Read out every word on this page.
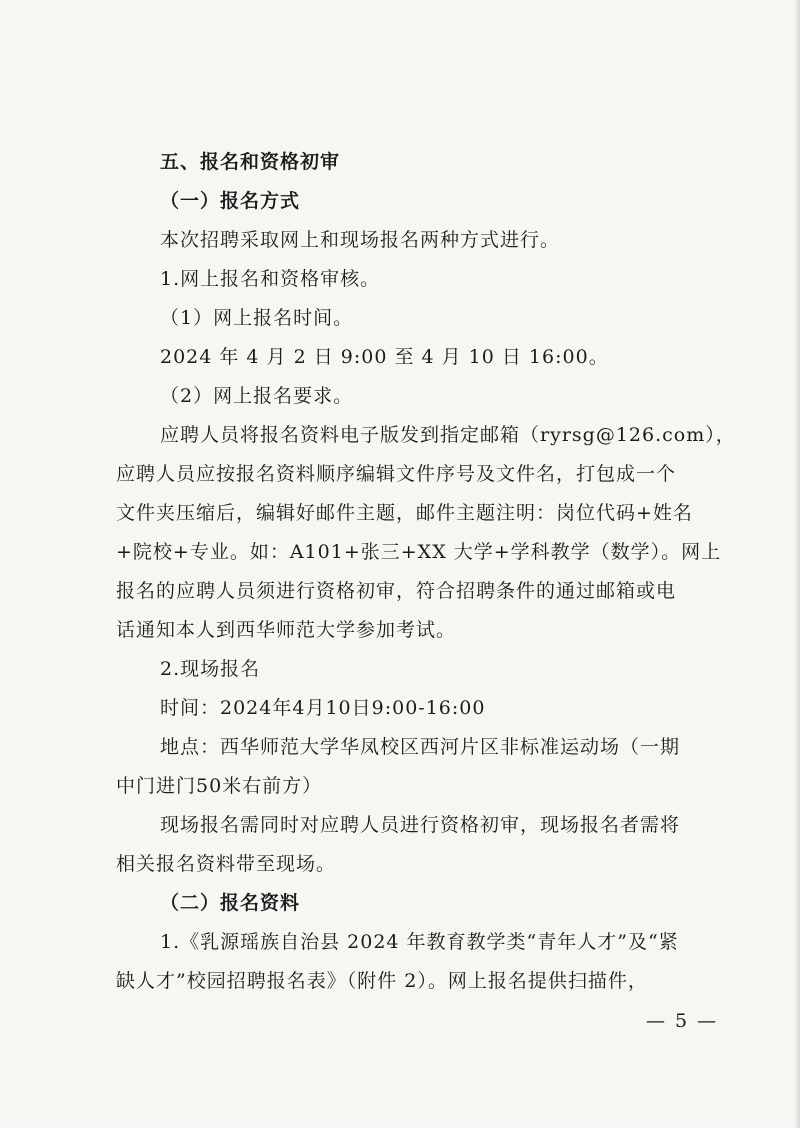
五、报名和资格初审
（一）报名方式
本次招聘采取网上和现场报名两种方式进行。
1.网上报名和资格审核。
（1）网上报名时间。
2024 年 4 月 2 日 9:00 至 4 月 10 日 16:00。
（2）网上报名要求。
应聘人员将报名资料电子版发到指定邮箱（ryrsg@126.com），
应聘人员应按报名资料顺序编辑文件序号及文件名，打包成一个
文件夹压缩后，编辑好邮件主题，邮件主题注明：岗位代码+姓名
+院校+专业。如：A101+张三+XX 大学+学科教学（数学）。网上
报名的应聘人员须进行资格初审，符合招聘条件的通过邮箱或电
话通知本人到西华师范大学参加考试。
2.现场报名
时间：2024年4月10日9:00-16:00
地点：西华师范大学华凤校区西河片区非标准运动场（一期
中门进门50米右前方）
现场报名需同时对应聘人员进行资格初审，现场报名者需将
相关报名资料带至现场。
（二）报名资料
1.《乳源瑶族自治县 2024 年教育教学类“青年人才”及“紧
缺人才”校园招聘报名表》（附件 2）。网上报名提供扫描件，
— 5 —
